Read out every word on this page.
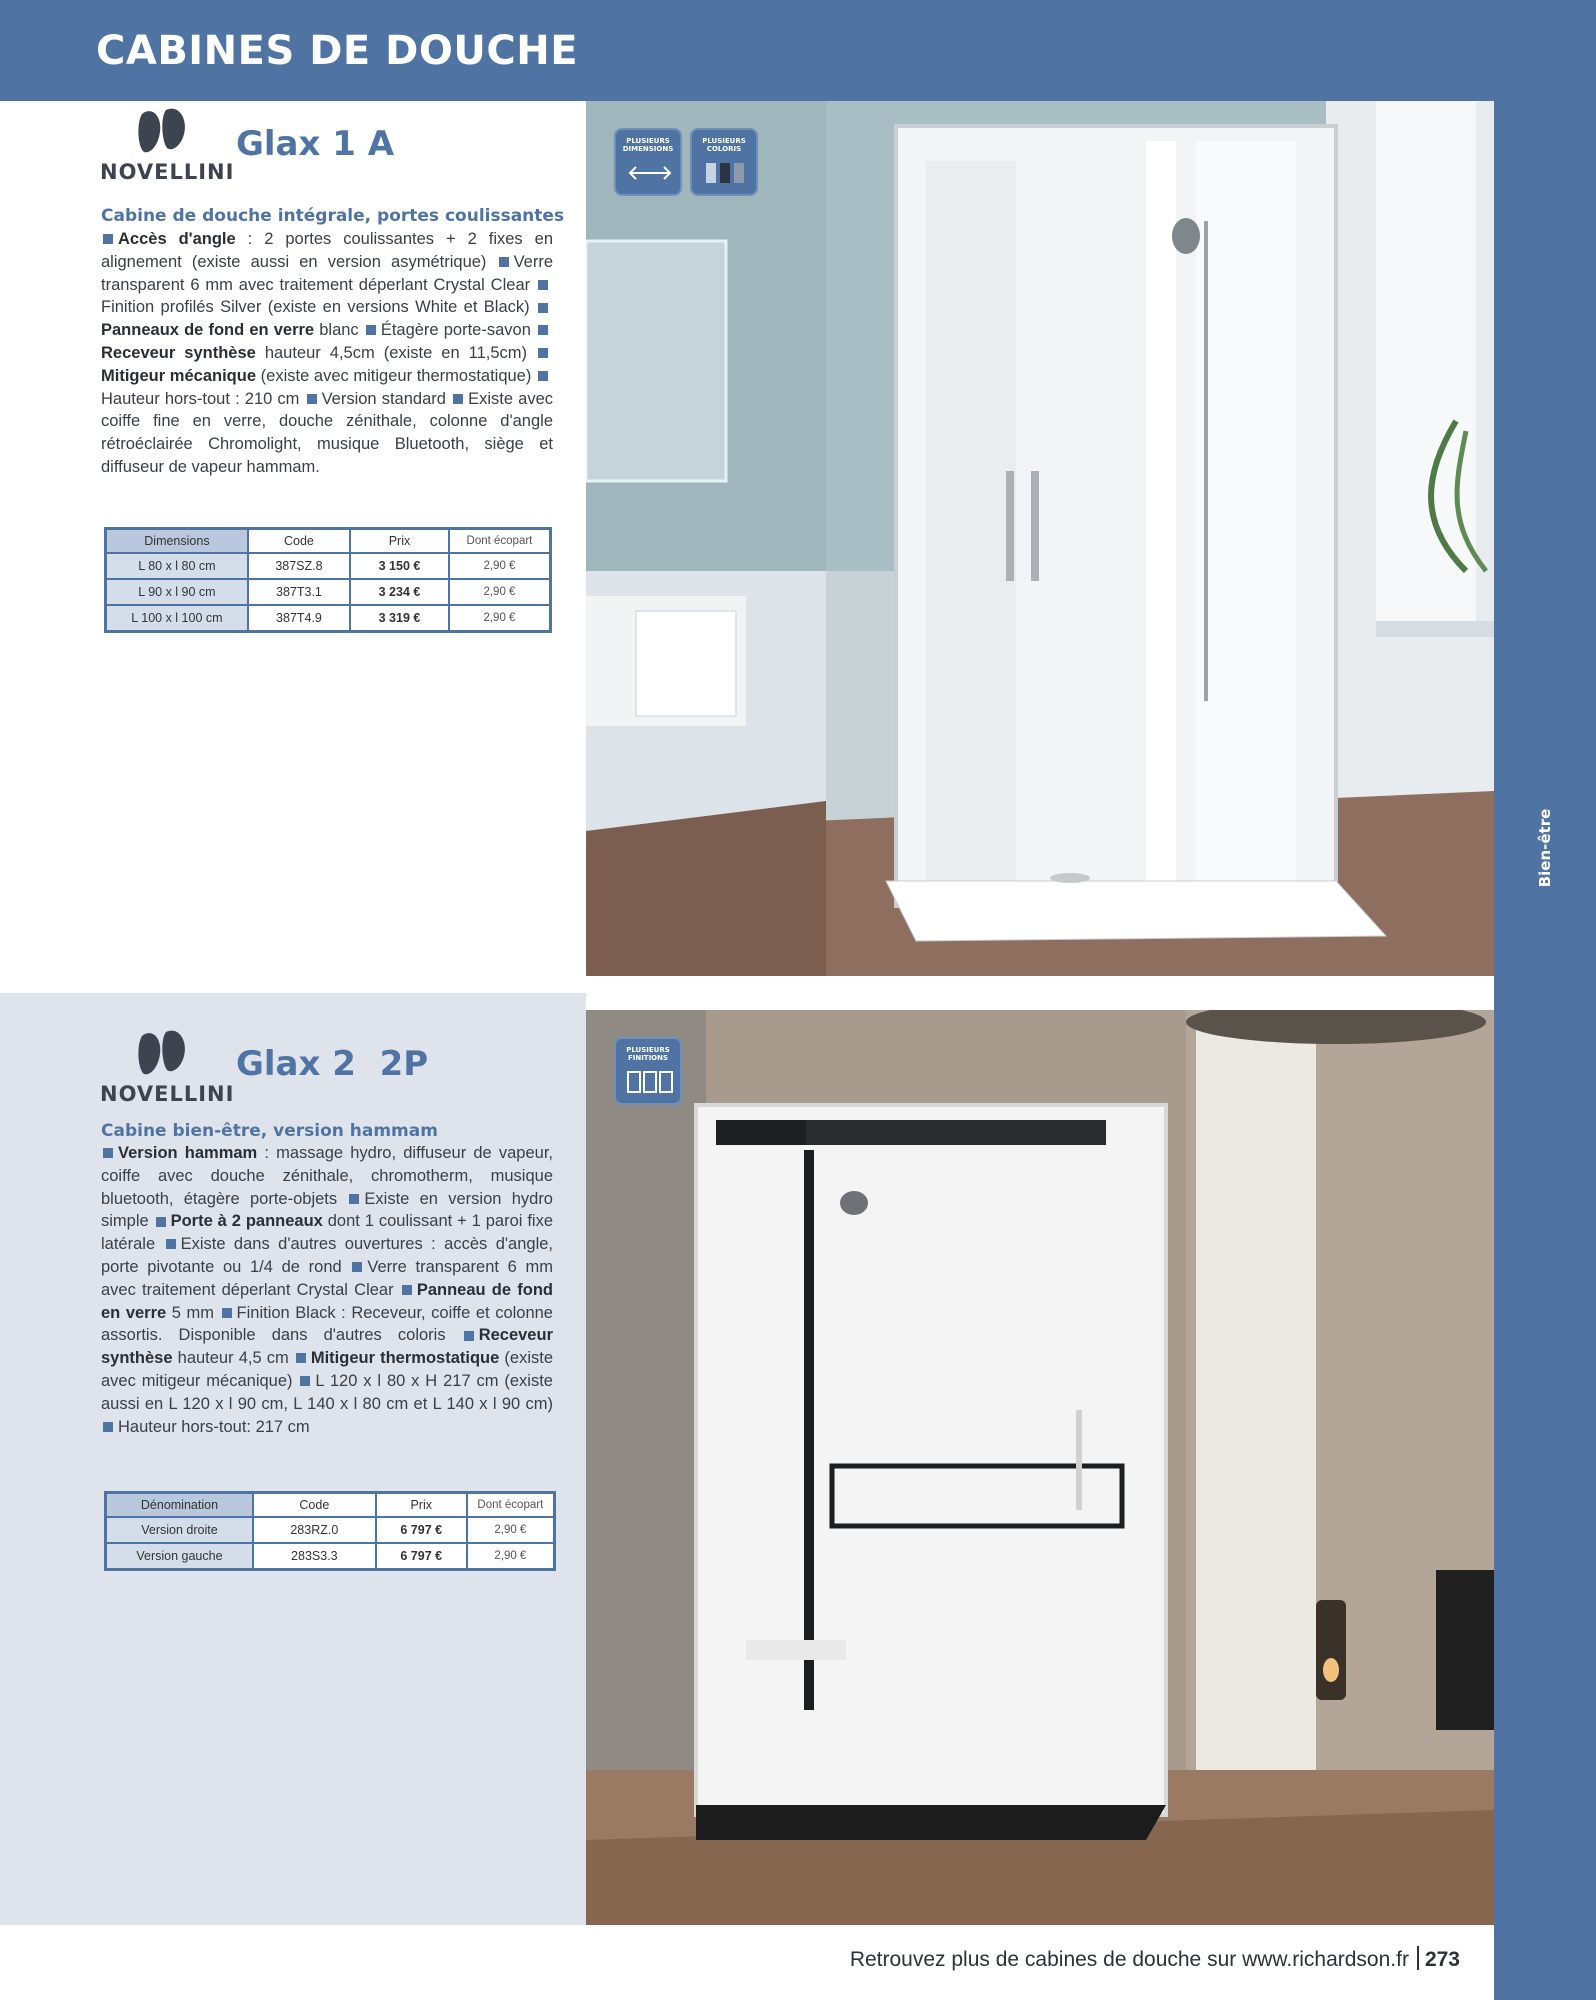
CABINES DE DOUCHE
Bien-être
NOVELLINI
Glax 1 A
Cabine de douche intégrale, portes coulissantes
Accès d'angle : 2 portes coulissantes + 2 fixes en alignement (existe aussi en version asymétrique) Verre transparent 6 mm avec traitement déperlant Crystal Clear Finition profilés Silver (existe en versions White et Black) Panneaux de fond en verre blanc Étagère porte-savon Receveur synthèse hauteur 4,5cm (existe en 11,5cm) Mitigeur mécanique (existe avec mitigeur thermostatique) Hauteur hors-tout : 210 cm Version standard Existe avec coiffe fine en verre, douche zénithale, colonne d'angle rétroéclairée Chromolight, musique Bluetooth, siège et diffuseur de vapeur hammam.
Dimensions	Code	Prix	Dont écopart
L 80 x l 80 cm	387SZ.8	3 150 €	2,90 €
L 90 x l 90 cm	387T3.1	3 234 €	2,90 €
L 100 x l 100 cm	387T4.9	3 319 €	2,90 €
PLUSIEURS DIMENSIONS
PLUSIEURS COLORIS
NOVELLINI
Glax 2  2P
Cabine bien-être, version hammam
Version hammam : massage hydro, diffuseur de vapeur, coiffe avec douche zénithale, chromotherm, musique bluetooth, étagère porte-objets Existe en version hydro simple Porte à 2 panneaux dont 1 coulissant + 1 paroi fixe latérale Existe dans d'autres ouvertures : accès d'angle, porte pivotante ou 1/4 de rond Verre transparent 6 mm avec traitement déperlant Crystal Clear Panneau de fond en verre 5 mm Finition Black : Receveur, coiffe et colonne assortis. Disponible dans d'autres coloris Receveur synthèse hauteur 4,5 cm Mitigeur thermostatique (existe avec mitigeur mécanique) L 120 x l 80 x H 217 cm (existe aussi en L 120 x l 90 cm, L 140 x l 80 cm et L 140 x l 90 cm) Hauteur hors-tout: 217 cm
Dénomination	Code	Prix	Dont écopart
Version droite	283RZ.0	6 797 €	2,90 €
Version gauche	283S3.3	6 797 €	2,90 €
PLUSIEURS FINITIONS
Retrouvez plus de cabines de douche sur www.richardson.fr 273
